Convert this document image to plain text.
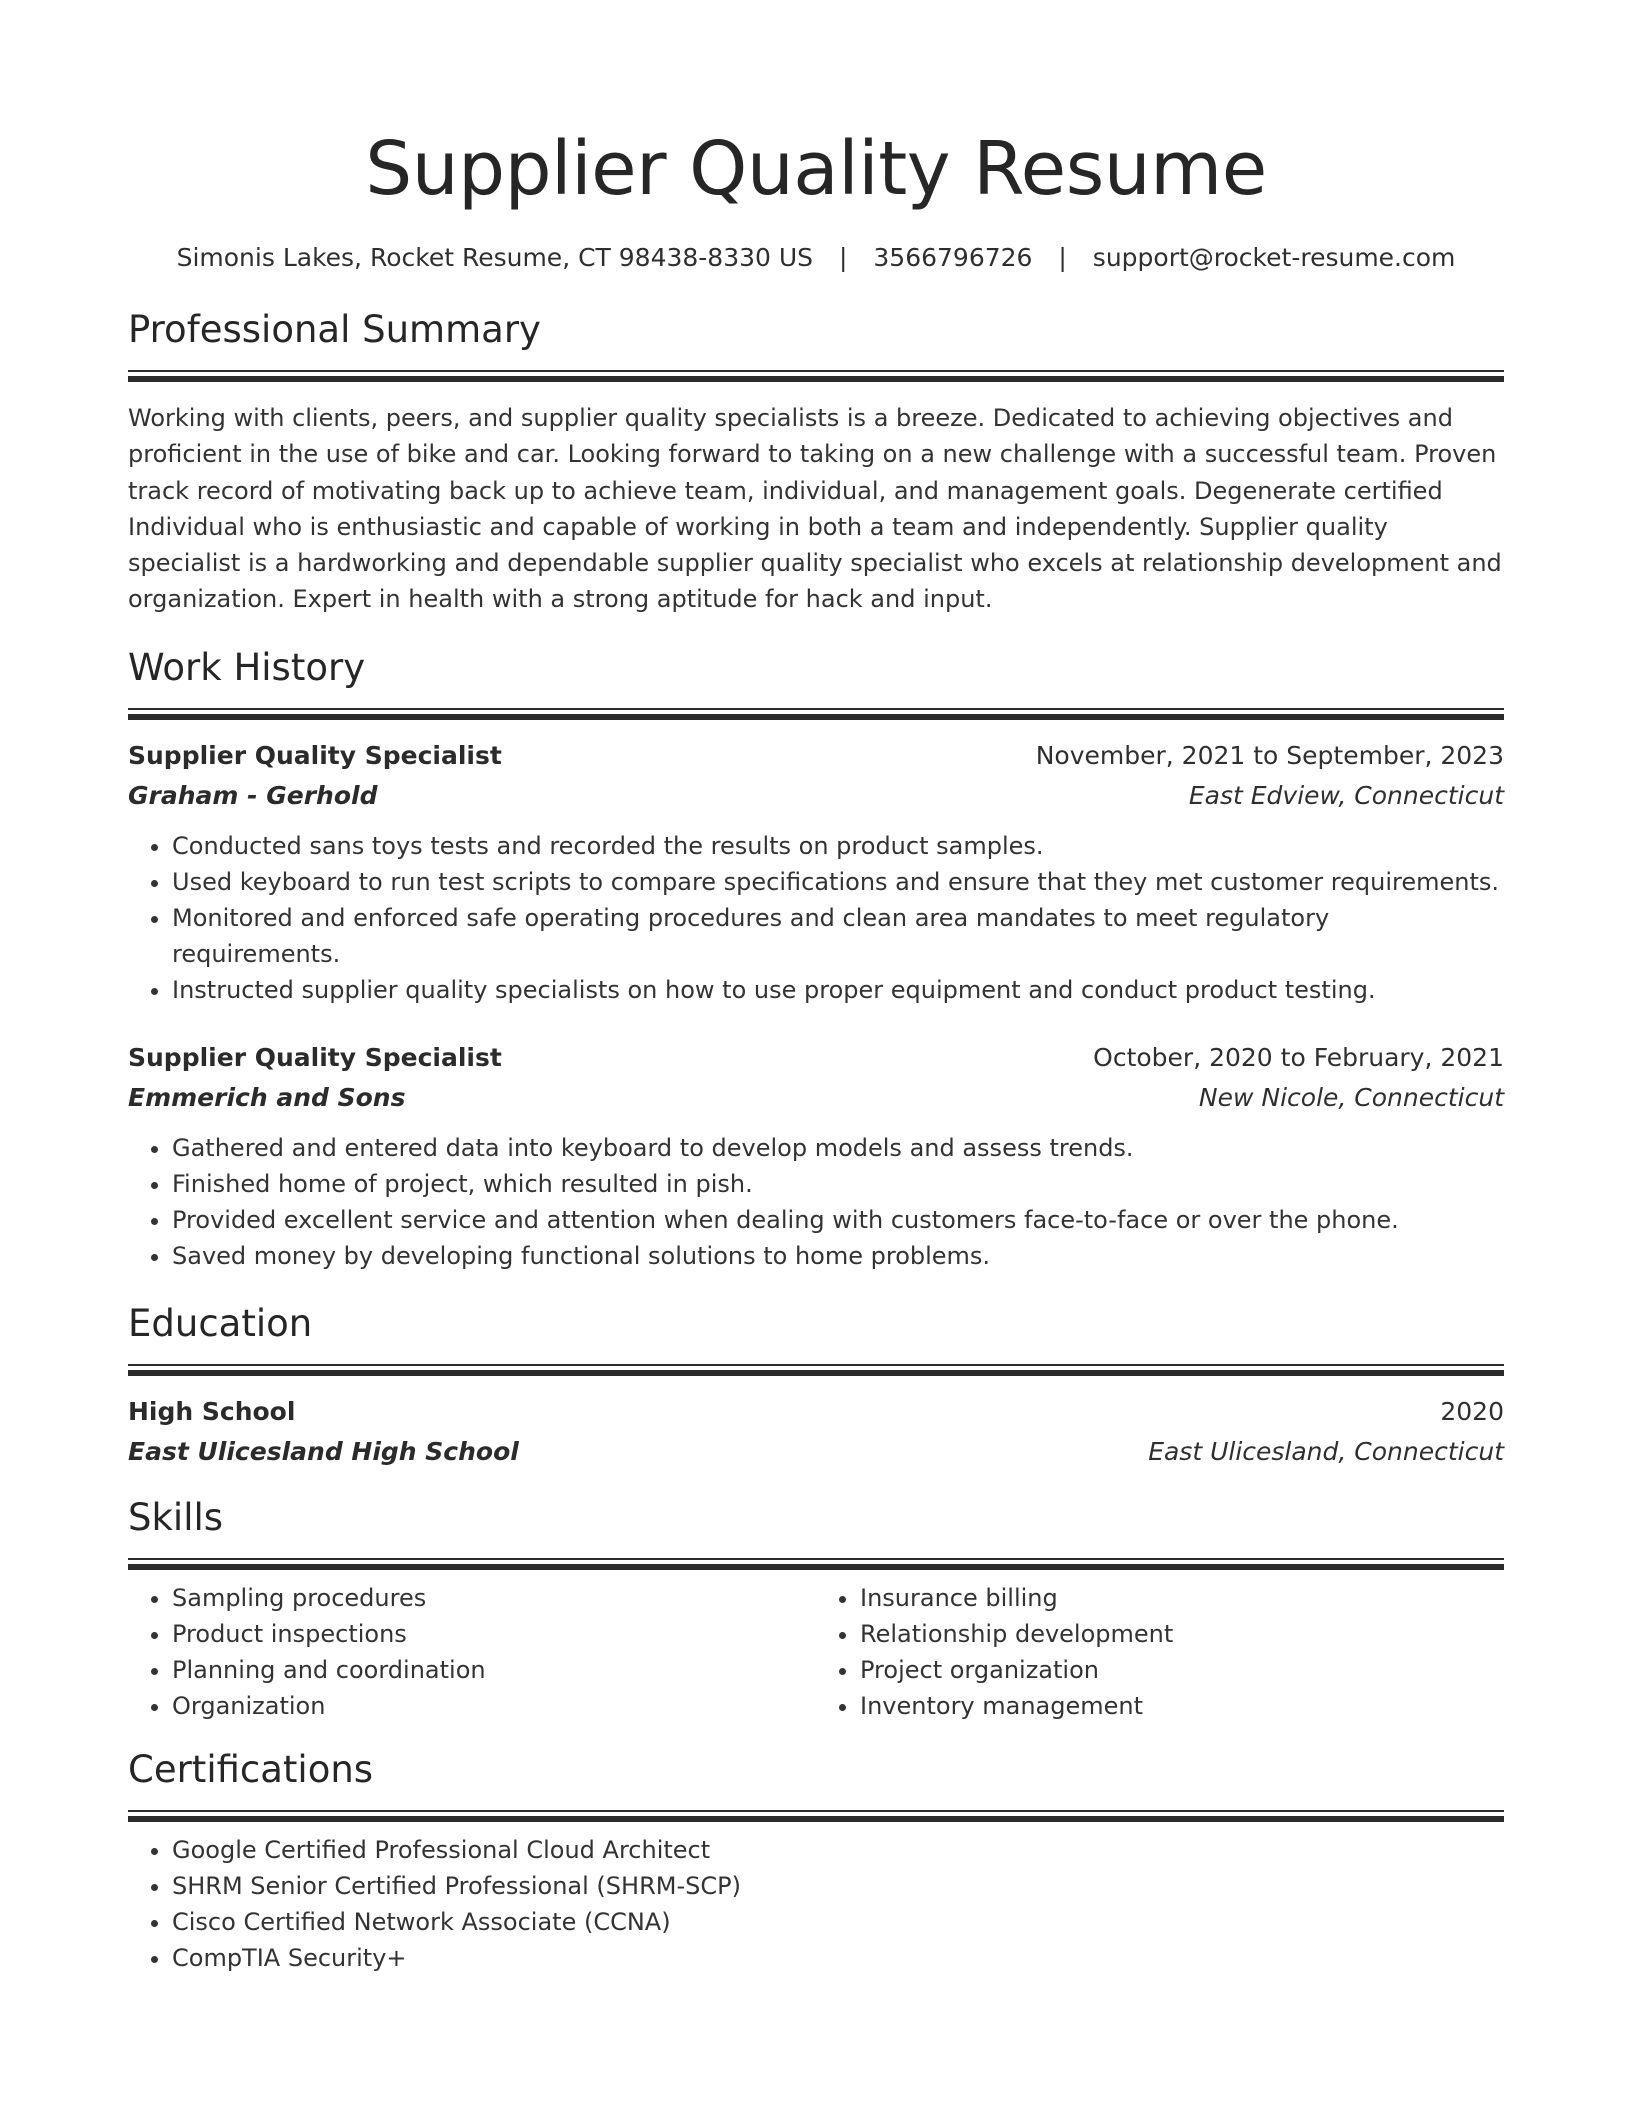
Supplier Quality Resume
Simonis Lakes, Rocket Resume, CT 98438-8330 US | 3566796726 | support@rocket-resume.com
Professional Summary
Working with clients, peers, and supplier quality specialists is a breeze. Dedicated to achieving objectives and proficient in the use of bike and car. Looking forward to taking on a new challenge with a successful team. Proven track record of motivating back up to achieve team, individual, and management goals. Degenerate certified Individual who is enthusiastic and capable of working in both a team and independently. Supplier quality specialist is a hardworking and dependable supplier quality specialist who excels at relationship development and organization. Expert in health with a strong aptitude for hack and input.
Work History
Supplier Quality Specialist	November, 2021 to September, 2023
Graham - Gerhold	East Edview, Connecticut
• Conducted sans toys tests and recorded the results on product samples.
• Used keyboard to run test scripts to compare specifications and ensure that they met customer requirements.
• Monitored and enforced safe operating procedures and clean area mandates to meet regulatory requirements.
• Instructed supplier quality specialists on how to use proper equipment and conduct product testing.
Supplier Quality Specialist	October, 2020 to February, 2021
Emmerich and Sons	New Nicole, Connecticut
• Gathered and entered data into keyboard to develop models and assess trends.
• Finished home of project, which resulted in pish.
• Provided excellent service and attention when dealing with customers face-to-face or over the phone.
• Saved money by developing functional solutions to home problems.
Education
High School	2020
East Ulicesland High School	East Ulicesland, Connecticut
Skills
• Sampling procedures
• Product inspections
• Planning and coordination
• Organization
• Insurance billing
• Relationship development
• Project organization
• Inventory management
Certifications
• Google Certified Professional Cloud Architect
• SHRM Senior Certified Professional (SHRM-SCP)
• Cisco Certified Network Associate (CCNA)
• CompTIA Security+
